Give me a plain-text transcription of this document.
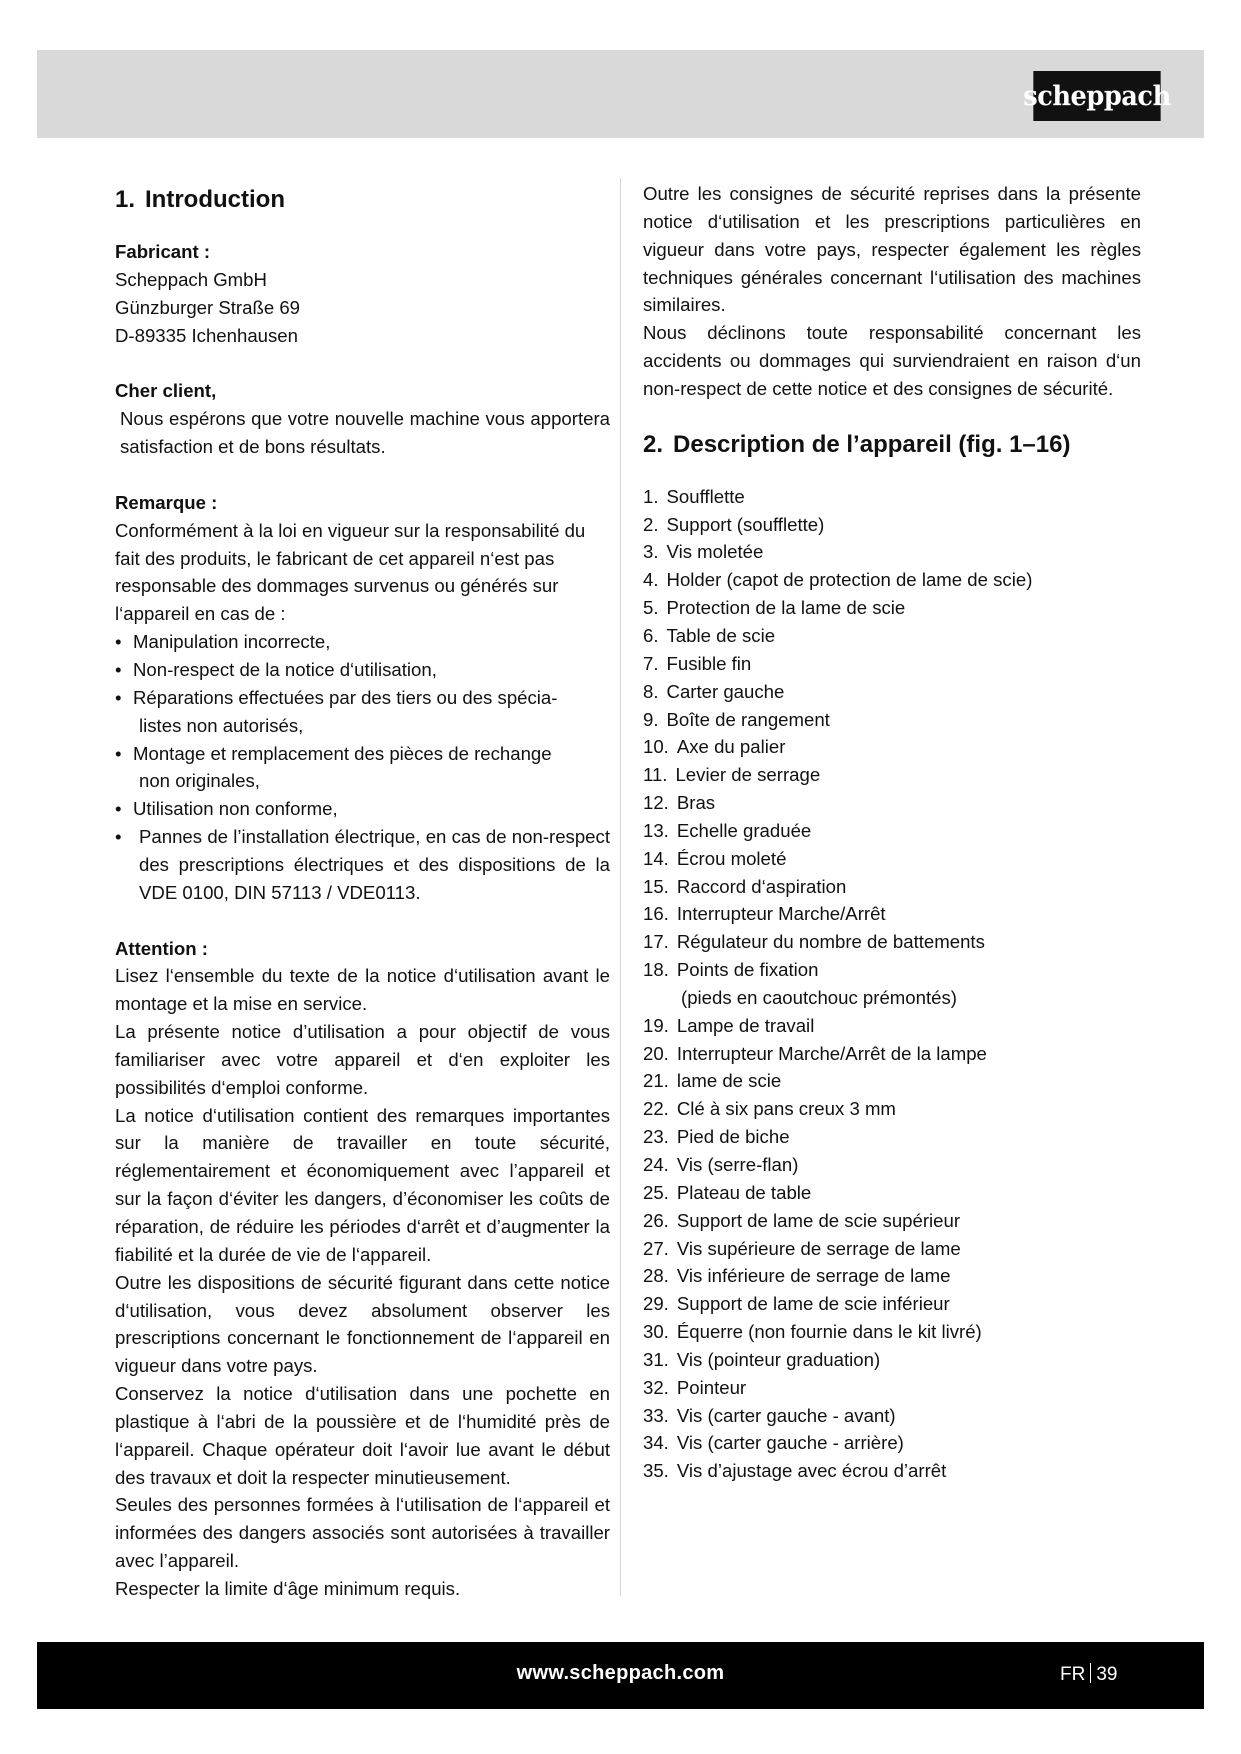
scheppach
1. Introduction
Fabricant :
Scheppach GmbH
Günzburger Straße 69
D-89335 Ichenhausen
Cher client,
Nous espérons que votre nouvelle machine vous apportera satisfaction et de bons résultats.
Remarque :
Conformément à la loi en vigueur sur la responsabilité du fait des produits, le fabricant de cet appareil n‘est pas responsable des dommages survenus ou générés sur l‘appareil en cas de :
• Manipulation incorrecte,
• Non-respect de la notice d‘utilisation,
• Réparations effectuées par des tiers ou des spécia-
listes non autorisés,
• Montage et remplacement des pièces de rechange
non originales,
• Utilisation non conforme,
• Pannes de l’installation électrique, en cas de non-respect des prescriptions électriques et des dispositions de la VDE 0100, DIN 57113 / VDE0113.
Attention :
Lisez l‘ensemble du texte de la notice d‘utilisation avant le montage et la mise en service.
La présente notice d’utilisation a pour objectif de vous familiariser avec votre appareil et d‘en exploiter les possibilités d‘emploi conforme.
La notice d‘utilisation contient des remarques importantes sur la manière de travailler en toute sécurité, réglementairement et économiquement avec l’appareil et sur la façon d‘éviter les dangers, d’économiser les coûts de réparation, de réduire les périodes d‘arrêt et d’augmenter la fiabilité et la durée de vie de l‘appareil.
Outre les dispositions de sécurité figurant dans cette notice d‘utilisation, vous devez absolument observer les prescriptions concernant le fonctionnement de l‘appareil en vigueur dans votre pays.
Conservez la notice d‘utilisation dans une pochette en plastique à l‘abri de la poussière et de l‘humidité près de l‘appareil. Chaque opérateur doit l‘avoir lue avant le début des travaux et doit la respecter minutieusement.
Seules des personnes formées à l‘utilisation de l‘appareil et informées des dangers associés sont autorisées à travailler avec l’appareil.
Respecter la limite d‘âge minimum requis.
Outre les consignes de sécurité reprises dans la présente notice d‘utilisation et les prescriptions particulières en vigueur dans votre pays, respecter également les règles techniques générales concernant l‘utilisation des machines similaires.
Nous déclinons toute responsabilité concernant les accidents ou dommages qui surviendraient en raison d‘un non-respect de cette notice et des consignes de sécurité.
2. Description de l’appareil (fig. 1–16)
1. Soufflette
2. Support (soufflette)
3. Vis moletée
4. Holder (capot de protection de lame de scie)
5. Protection de la lame de scie
6. Table de scie
7. Fusible fin
8. Carter gauche
9. Boîte de rangement
10. Axe du palier
11. Levier de serrage
12. Bras
13. Echelle graduée
14. Écrou moleté
15. Raccord d‘aspiration
16. Interrupteur Marche/Arrêt
17. Régulateur du nombre de battements
18. Points de fixation
(pieds en caoutchouc prémontés)
19. Lampe de travail
20. Interrupteur Marche/Arrêt de la lampe
21. lame de scie
22. Clé à six pans creux 3 mm
23. Pied de biche
24. Vis (serre-flan)
25. Plateau de table
26. Support de lame de scie supérieur
27. Vis supérieure de serrage de lame
28. Vis inférieure de serrage de lame
29. Support de lame de scie inférieur
30. Équerre (non fournie dans le kit livré)
31. Vis (pointeur graduation)
32. Pointeur
33. Vis (carter gauche - avant)
34. Vis (carter gauche - arrière)
35. Vis d’ajustage avec écrou d’arrêt
www.scheppach.com	FR 39
